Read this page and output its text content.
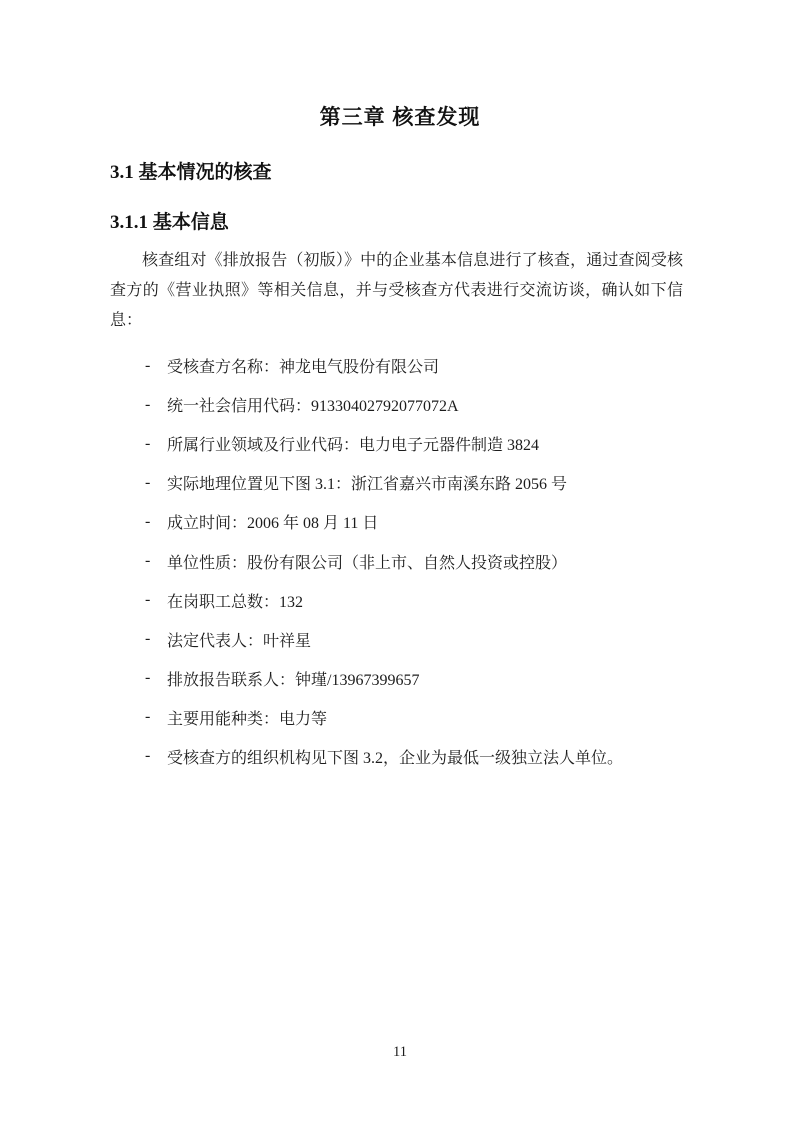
第三章 核查发现
3.1 基本情况的核查
3.1.1 基本信息
核查组对《排放报告（初版）》中的企业基本信息进行了核查，通过查阅受核查方的《营业执照》等相关信息，并与受核查方代表进行交流访谈，确认如下信息：
-	受核查方名称：神龙电气股份有限公司
-	统一社会信用代码：91330402792077072A
-	所属行业领域及行业代码：电力电子元器件制造 3824
-	实际地理位置见下图 3.1：浙江省嘉兴市南溪东路 2056 号
-	成立时间：2006 年 08 月 11 日
-	单位性质：股份有限公司（非上市、自然人投资或控股）
-	在岗职工总数：132
-	法定代表人：叶祥星
-	排放报告联系人：钟瑾/13967399657
-	主要用能种类：电力等
-	受核查方的组织机构见下图 3.2，企业为最低一级独立法人单位。
11
